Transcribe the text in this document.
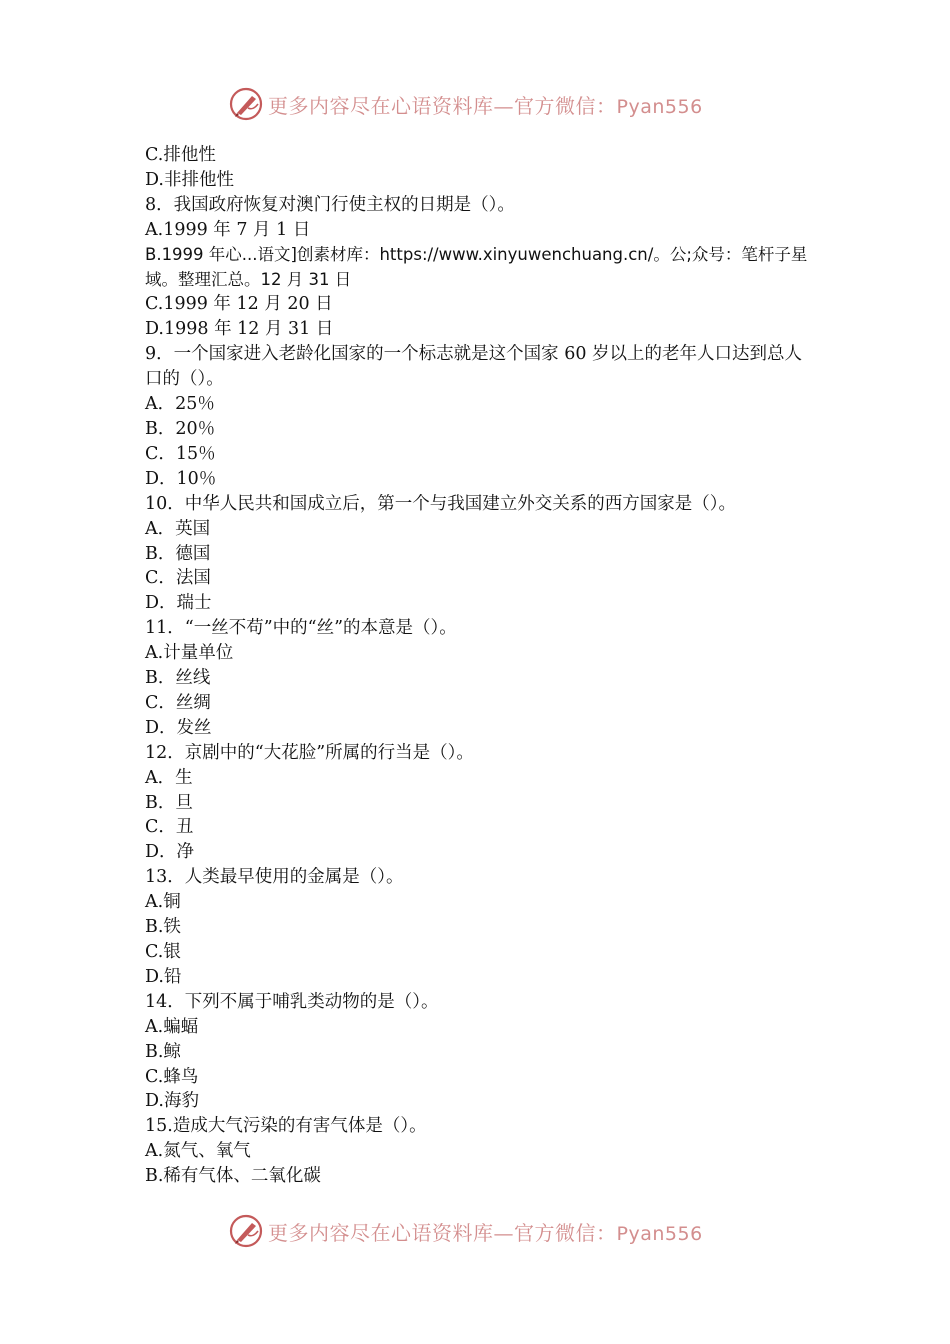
更多内容尽在心语资料库—官方微信：Pyan556
C.排他性
D.非排他性
8．我国政府恢复对澳门行使主权的日期是（）。
A.1999 年 7 月 1 日
B.1999 年心...语文]创素材库：https://www.xinyuwenchuang.cn/。公;众号：笔杆子星域。整理汇总。12 月 31 日
C.1999 年 12 月 20 日
D.1998 年 12 月 31 日
9．一个国家进入老龄化国家的一个标志就是这个国家 60 岁以上的老年人口达到总人口的（）。
A．25％
B．20％
C．15％
D．10％
10．中华人民共和国成立后，第一个与我国建立外交关系的西方国家是（）。
A．英国
B．德国
C．法国
D．瑞士
11．“一丝不苟”中的“丝”的本意是（）。
A.计量单位
B．丝线
C．丝绸
D．发丝
12．京剧中的“大花脸”所属的行当是（）。
A．生
B．旦
C．丑
D．净
13．人类最早使用的金属是（）。
A.铜
B.铁
C.银
D.铅
14．下列不属于哺乳类动物的是（）。
A.蝙蝠
B.鲸
C.蜂鸟
D.海豹
15.造成大气污染的有害气体是（）。
A.氮气、氧气
B.稀有气体、二氧化碳
更多内容尽在心语资料库—官方微信：Pyan556
